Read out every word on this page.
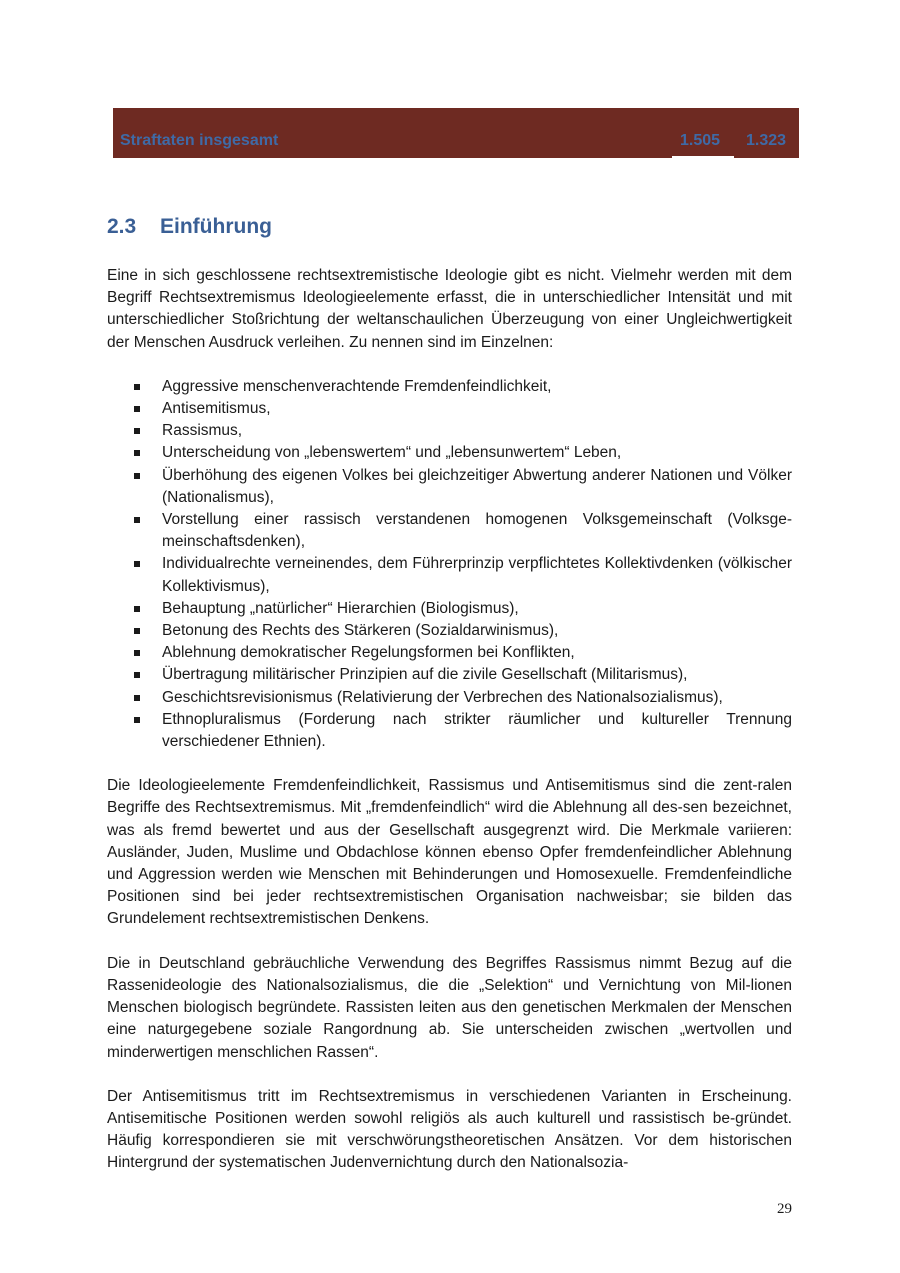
Straftaten insgesamt	1.505 1.323
2.3 Einführung

Eine in sich geschlossene rechtsextremistische Ideologie gibt es nicht. Vielmehr werden mit dem Begriff Rechtsextremismus Ideologieelemente erfasst, die in unterschiedlicher Intensität und mit unterschiedlicher Stoßrichtung der weltanschaulichen Überzeugung von einer Ungleichwertigkeit der Menschen Ausdruck verleihen. Zu nennen sind im Einzelnen:

Aggressive menschenverachtende Fremdenfeindlichkeit,
Antisemitismus,
Rassismus,
Unterscheidung von „lebenswertem“ und „lebensunwertem“ Leben,
Überhöhung des eigenen Volkes bei gleichzeitiger Abwertung anderer Nationen und Völker (Nationalismus),
Vorstellung einer rassisch verstandenen homogenen Volksgemeinschaft (Volksge-meinschaftsdenken),
Individualrechte verneinendes, dem Führerprinzip verpflichtetes Kollektivdenken (völkischer Kollektivismus),
Behauptung „natürlicher“ Hierarchien (Biologismus),
Betonung des Rechts des Stärkeren (Sozialdarwinismus),
Ablehnung demokratischer Regelungsformen bei Konflikten,
Übertragung militärischer Prinzipien auf die zivile Gesellschaft (Militarismus),
Geschichtsrevisionismus (Relativierung der Verbrechen des Nationalsozialismus),
Ethnopluralismus (Forderung nach strikter räumlicher und kultureller Trennung verschiedener Ethnien).

Die Ideologieelemente Fremdenfeindlichkeit, Rassismus und Antisemitismus sind die zent-ralen Begriffe des Rechtsextremismus. Mit „fremdenfeindlich“ wird die Ablehnung all des-sen bezeichnet, was als fremd bewertet und aus der Gesellschaft ausgegrenzt wird. Die Merkmale variieren: Ausländer, Juden, Muslime und Obdachlose können ebenso Opfer fremdenfeindlicher Ablehnung und Aggression werden wie Menschen mit Behinderungen und Homosexuelle. Fremdenfeindliche Positionen sind bei jeder rechtsextremistischen Organisation nachweisbar; sie bilden das Grundelement rechtsextremistischen Denkens.

Die in Deutschland gebräuchliche Verwendung des Begriffes Rassismus nimmt Bezug auf die Rassenideologie des Nationalsozialismus, die die „Selektion“ und Vernichtung von Mil-lionen Menschen biologisch begründete. Rassisten leiten aus den genetischen Merkmalen der Menschen eine naturgegebene soziale Rangordnung ab. Sie unterscheiden zwischen „wertvollen und minderwertigen menschlichen Rassen“.

Der Antisemitismus tritt im Rechtsextremismus in verschiedenen Varianten in Erscheinung. Antisemitische Positionen werden sowohl religiös als auch kulturell und rassistisch be-gründet. Häufig korrespondieren sie mit verschwörungstheoretischen Ansätzen. Vor dem historischen Hintergrund der systematischen Judenvernichtung durch den Nationalsozia-

29
